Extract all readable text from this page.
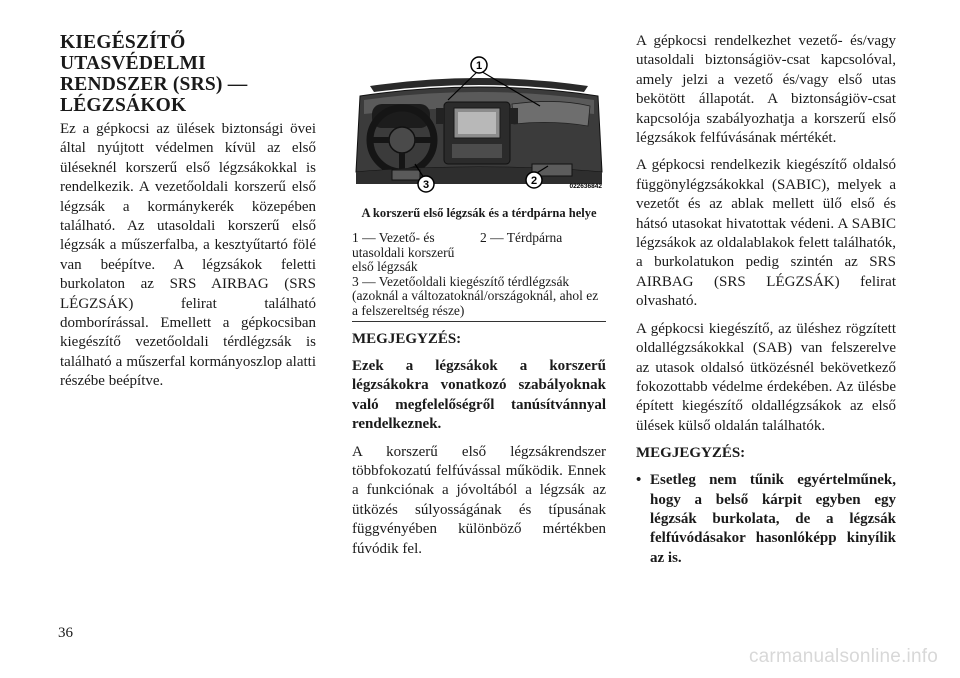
KIEGÉSZÍTŐ
UTASVÉDELMI
RENDSZER (SRS) —
LÉGZSÁKOK

Ez a gépkocsi az ülések biztonsági övei által nyújtott védelmen kívül az első üléseknél korszerű első légzsákokkal is rendelkezik. A vezetőoldali korszerű első légzsák a kormánykerék közepében található. Az utasoldali korszerű első légzsák a műszerfalba, a kesztyűtartó fölé van beépítve. A légzsákok feletti burkolaton az SRS AIRBAG (SRS LÉGZSÁK) felirat található domborírással. Emellett a gépkocsiban kiegészítő vezetőoldali térdlégzsák is található a műszerfal kormányoszlop alatti részébe beépítve.

1
3	2	022636842
A korszerű első légzsák és a térdpárna helye
1 — Vezető- és utasoldali korszerű első légzsák
2 — Térdpárna
3 — Vezetőoldali kiegészítő térdlégzsák (azoknál a változatoknál/országoknál, ahol ez a felszereltség része)
MEGJEGYZÉS:

Ezek a légzsákok a korszerű légzsákokra vonatkozó szabályoknak való megfelelőségről tanúsítvánnyal rendelkeznek.

A korszerű első légzsákrendszer többfokozatú felfúvással működik. Ennek a funkciónak a jóvoltából a légzsák az ütközés súlyosságának és típusának függvényében különböző mértékben fúvódik fel.

A gépkocsi rendelkezhet vezető- és/vagy utasoldali biztonságiöv-csat kapcsolóval, amely jelzi a vezető és/vagy első utas bekötött állapotát. A biztonságiöv-csat kapcsolója szabályozhatja a korszerű első légzsákok felfúvásának mértékét.

A gépkocsi rendelkezik kiegészítő oldalsó függönylégzsákokkal (SABIC), melyek a vezetőt és az ablak mellett ülő első és hátsó utasokat hivatottak védeni. A SABIC légzsákok az oldalablakok felett találhatók, a burkolatukon pedig szintén az SRS AIRBAG (SRS LÉGZSÁK) felirat olvasható.

A gépkocsi kiegészítő, az üléshez rögzített oldallégzsákokkal (SAB) van felszerelve az utasok oldalsó ütközésnél bekövetkező fokozottabb védelme érdekében. Az ülésbe épített kiegészítő oldallégzsákok az első ülések külső oldalán találhatók.

MEGJEGYZÉS:
• Esetleg nem tűnik egyértelműnek, hogy a belső kárpit egyben egy légzsák burkolata, de a légzsák felfúvódásakor hasonlóképp kinyílik az is.
36
carmanualsonline.info
